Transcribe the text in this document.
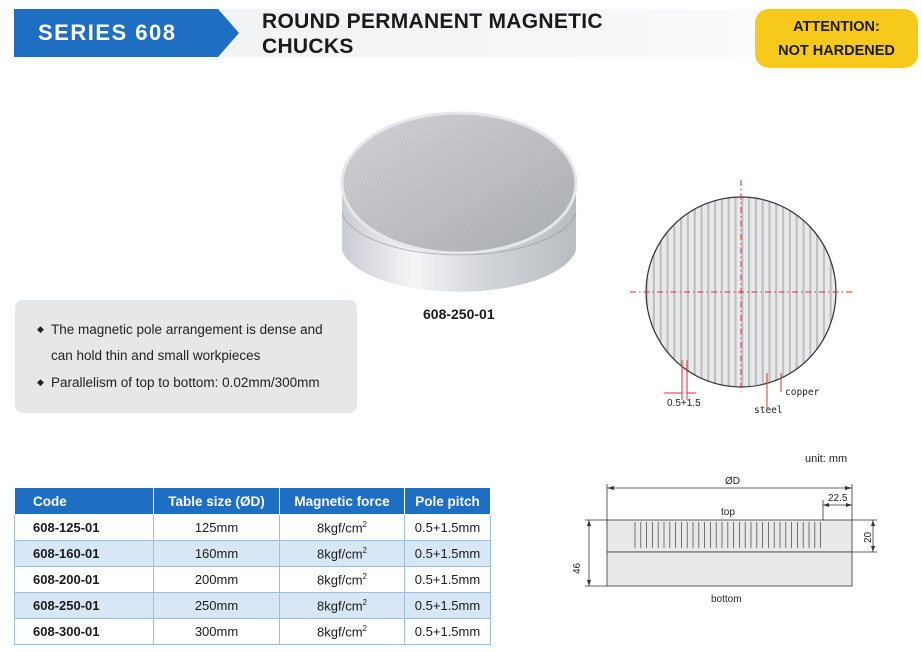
SERIES 608	ROUND PERMANENT MAGNETIC
CHUCKS
ATTENTION:
NOT HARDENED
608-250-01
◆ The magnetic pole arrangement is dense and
can hold thin and small workpieces
◆ Parallelism of top to bottom: 0.02mm/300mm
0.5+1.5
steel
copper
unit: mm
Code	Table size (ØD)	Magnetic force	Pole pitch
608-125-01	125mm	$8kgf/cm^2$	0.5+1.5mm
608-160-01	160mm	$8kgf/cm^2$	0.5+1.5mm
608-200-01	200mm	$8kgf/cm^2$	0.5+1.5mm
608-250-01	250mm	$8kgf/cm^2$	0.5+1.5mm
608-300-01	300mm	$8kgf/cm^2$	0.5+1.5mm
ØD
22.5
top
46
20
bottom
